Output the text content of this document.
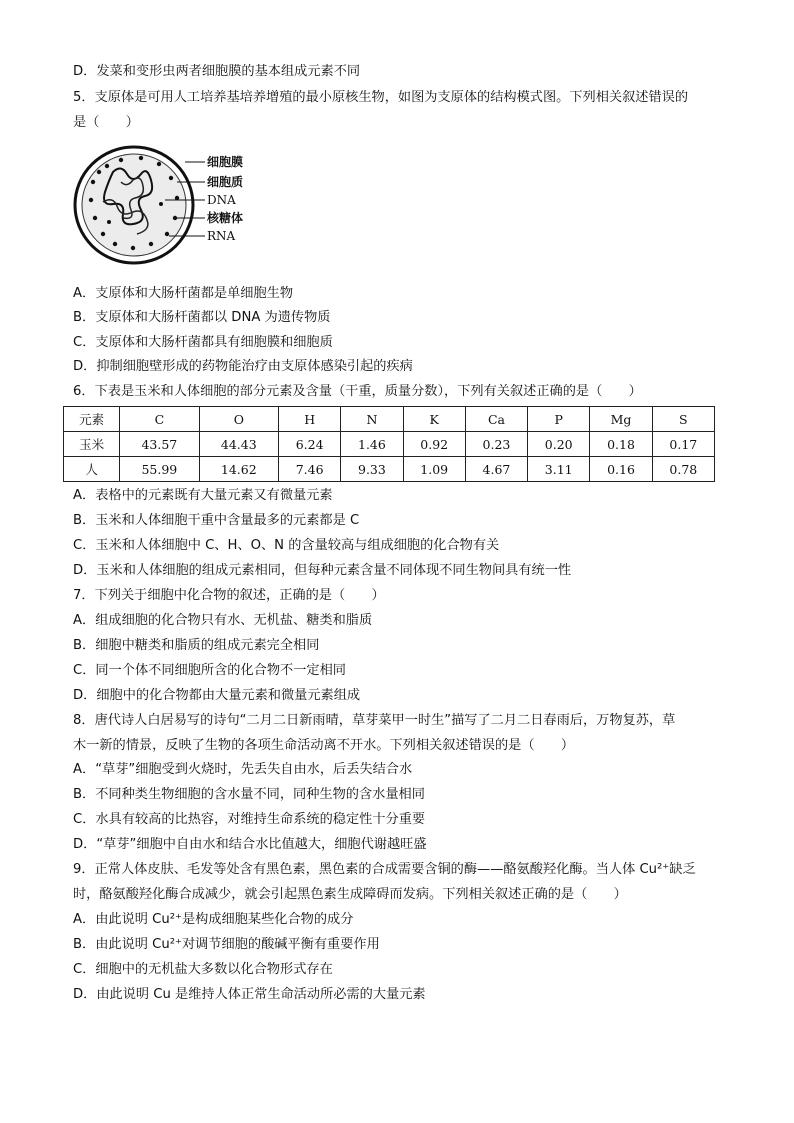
D．发菜和变形虫两者细胞膜的基本组成元素不同
5．支原体是可用人工培养基培养增殖的最小原核生物，如图为支原体的结构模式图。下列相关叙述错误的
是（　　）
细胞膜
细胞质
DNA
核糖体
RNA
A．支原体和大肠杆菌都是单细胞生物
B．支原体和大肠杆菌都以 DNA 为遗传物质
C．支原体和大肠杆菌都具有细胞膜和细胞质
D．抑制细胞壁形成的药物能治疗由支原体感染引起的疾病
6．下表是玉米和人体细胞的部分元素及含量（干重，质量分数），下列有关叙述正确的是（　　）
元素	C	O	H	N	K	Ca	P	Mg	S
玉米	43.57	44.43	6.24	1.46	0.92	0.23	0.20	0.18	0.17
人	55.99	14.62	7.46	9.33	1.09	4.67	3.11	0.16	0.78
A．表格中的元素既有大量元素又有微量元素
B．玉米和人体细胞干重中含量最多的元素都是 C
C．玉米和人体细胞中 C、H、O、N 的含量较高与组成细胞的化合物有关
D．玉米和人体细胞的组成元素相同，但每种元素含量不同体现不同生物间具有统一性
7．下列关于细胞中化合物的叙述，正确的是（　　）
A．组成细胞的化合物只有水、无机盐、糖类和脂质
B．细胞中糖类和脂质的组成元素完全相同
C．同一个体不同细胞所含的化合物不一定相同
D．细胞中的化合物都由大量元素和微量元素组成
8．唐代诗人白居易写的诗句“二月二日新雨晴，草芽菜甲一时生”描写了二月二日春雨后，万物复苏，草
木一新的情景，反映了生物的各项生命活动离不开水。下列相关叙述错误的是（　　）
A．“草芽”细胞受到火烧时，先丢失自由水，后丢失结合水
B．不同种类生物细胞的含水量不同，同种生物的含水量相同
C．水具有较高的比热容，对维持生命系统的稳定性十分重要
D．“草芽”细胞中自由水和结合水比值越大，细胞代谢越旺盛
9．正常人体皮肤、毛发等处含有黑色素，黑色素的合成需要含铜的酶——酪氨酸羟化酶。当人体 Cu²⁺缺乏
时，酪氨酸羟化酶合成减少，就会引起黑色素生成障碍而发病。下列相关叙述正确的是（　　）
A．由此说明 Cu²⁺是构成细胞某些化合物的成分
B．由此说明 Cu²⁺对调节细胞的酸碱平衡有重要作用
C．细胞中的无机盐大多数以化合物形式存在
D．由此说明 Cu 是维持人体正常生命活动所必需的大量元素
